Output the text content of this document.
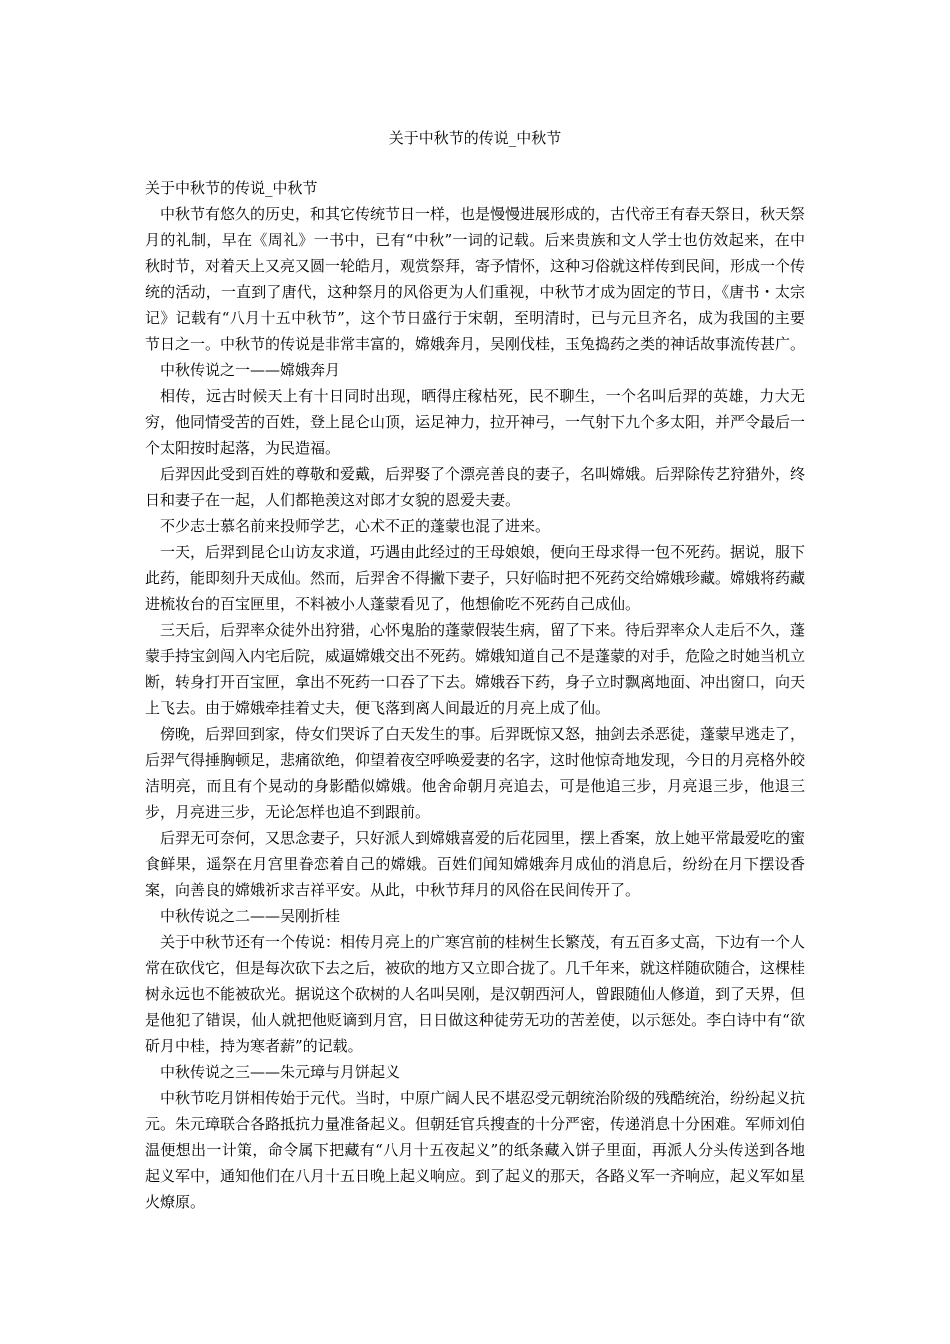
关于中秋节的传说_中秋节

关于中秋节的传说_中秋节

中秋节有悠久的历史，和其它传统节日一样，也是慢慢进展形成的，古代帝王有春天祭日，秋天祭月的礼制，早在《周礼》一书中，已有“中秋”一词的记载。后来贵族和文人学士也仿效起来，在中秋时节，对着天上又亮又圆一轮皓月，观赏祭拜，寄予情怀，这种习俗就这样传到民间，形成一个传统的活动，一直到了唐代，这种祭月的风俗更为人们重视，中秋节才成为固定的节日，《唐书・太宗记》记载有“八月十五中秋节”，这个节日盛行于宋朝，至明清时，已与元旦齐名，成为我国的主要节日之一。中秋节的传说是非常丰富的，嫦娥奔月，吴刚伐桂，玉兔捣药之类的神话故事流传甚广。

中秋传说之一——嫦娥奔月

相传，远古时候天上有十日同时出现，晒得庄稼枯死，民不聊生，一个名叫后羿的英雄，力大无穷，他同情受苦的百姓，登上昆仑山顶，运足神力，拉开神弓，一气射下九个多太阳，并严令最后一个太阳按时起落，为民造福。

后羿因此受到百姓的尊敬和爱戴，后羿娶了个漂亮善良的妻子，名叫嫦娥。后羿除传艺狩猎外，终日和妻子在一起，人们都艳羡这对郎才女貌的恩爱夫妻。

不少志士慕名前来投师学艺，心术不正的蓬蒙也混了进来。

一天，后羿到昆仑山访友求道，巧遇由此经过的王母娘娘，便向王母求得一包不死药。据说，服下此药，能即刻升天成仙。然而，后羿舍不得撇下妻子，只好临时把不死药交给嫦娥珍藏。嫦娥将药藏进梳妆台的百宝匣里，不料被小人蓬蒙看见了，他想偷吃不死药自己成仙。

三天后，后羿率众徒外出狩猎，心怀鬼胎的蓬蒙假装生病，留了下来。待后羿率众人走后不久，蓬蒙手持宝剑闯入内宅后院，威逼嫦娥交出不死药。嫦娥知道自己不是蓬蒙的对手，危险之时她当机立断，转身打开百宝匣，拿出不死药一口吞了下去。嫦娥吞下药，身子立时飘离地面、冲出窗口，向天上飞去。由于嫦娥牵挂着丈夫，便飞落到离人间最近的月亮上成了仙。

傍晚，后羿回到家，侍女们哭诉了白天发生的事。后羿既惊又怒，抽剑去杀恶徒，蓬蒙早逃走了，后羿气得捶胸顿足，悲痛欲绝，仰望着夜空呼唤爱妻的名字，这时他惊奇地发现，今日的月亮格外皎洁明亮，而且有个晃动的身影酷似嫦娥。他舍命朝月亮追去，可是他追三步，月亮退三步，他退三步，月亮进三步，无论怎样也追不到跟前。

后羿无可奈何，又思念妻子，只好派人到嫦娥喜爱的后花园里，摆上香案，放上她平常最爱吃的蜜食鲜果，遥祭在月宫里眷恋着自己的嫦娥。百姓们闻知嫦娥奔月成仙的消息后，纷纷在月下摆设香案，向善良的嫦娥祈求吉祥平安。从此，中秋节拜月的风俗在民间传开了。

中秋传说之二——吴刚折桂

关于中秋节还有一个传说：相传月亮上的广寒宫前的桂树生长繁茂，有五百多丈高，下边有一个人常在砍伐它，但是每次砍下去之后，被砍的地方又立即合拢了。几千年来，就这样随砍随合，这棵桂树永远也不能被砍光。据说这个砍树的人名叫吴刚，是汉朝西河人，曾跟随仙人修道，到了天界，但是他犯了错误，仙人就把他贬谪到月宫，日日做这种徒劳无功的苦差使，以示惩处。李白诗中有“欲斫月中桂，持为寒者薪”的记载。

中秋传说之三——朱元璋与月饼起义

中秋节吃月饼相传始于元代。当时，中原广阔人民不堪忍受元朝统治阶级的残酷统治，纷纷起义抗元。朱元璋联合各路抵抗力量准备起义。但朝廷官兵搜查的十分严密，传递消息十分困难。军师刘伯温便想出一计策，命令属下把藏有“八月十五夜起义”的纸条藏入饼子里面，再派人分头传送到各地起义军中，通知他们在八月十五日晚上起义响应。到了起义的那天，各路义军一齐响应，起义军如星火燎原。
